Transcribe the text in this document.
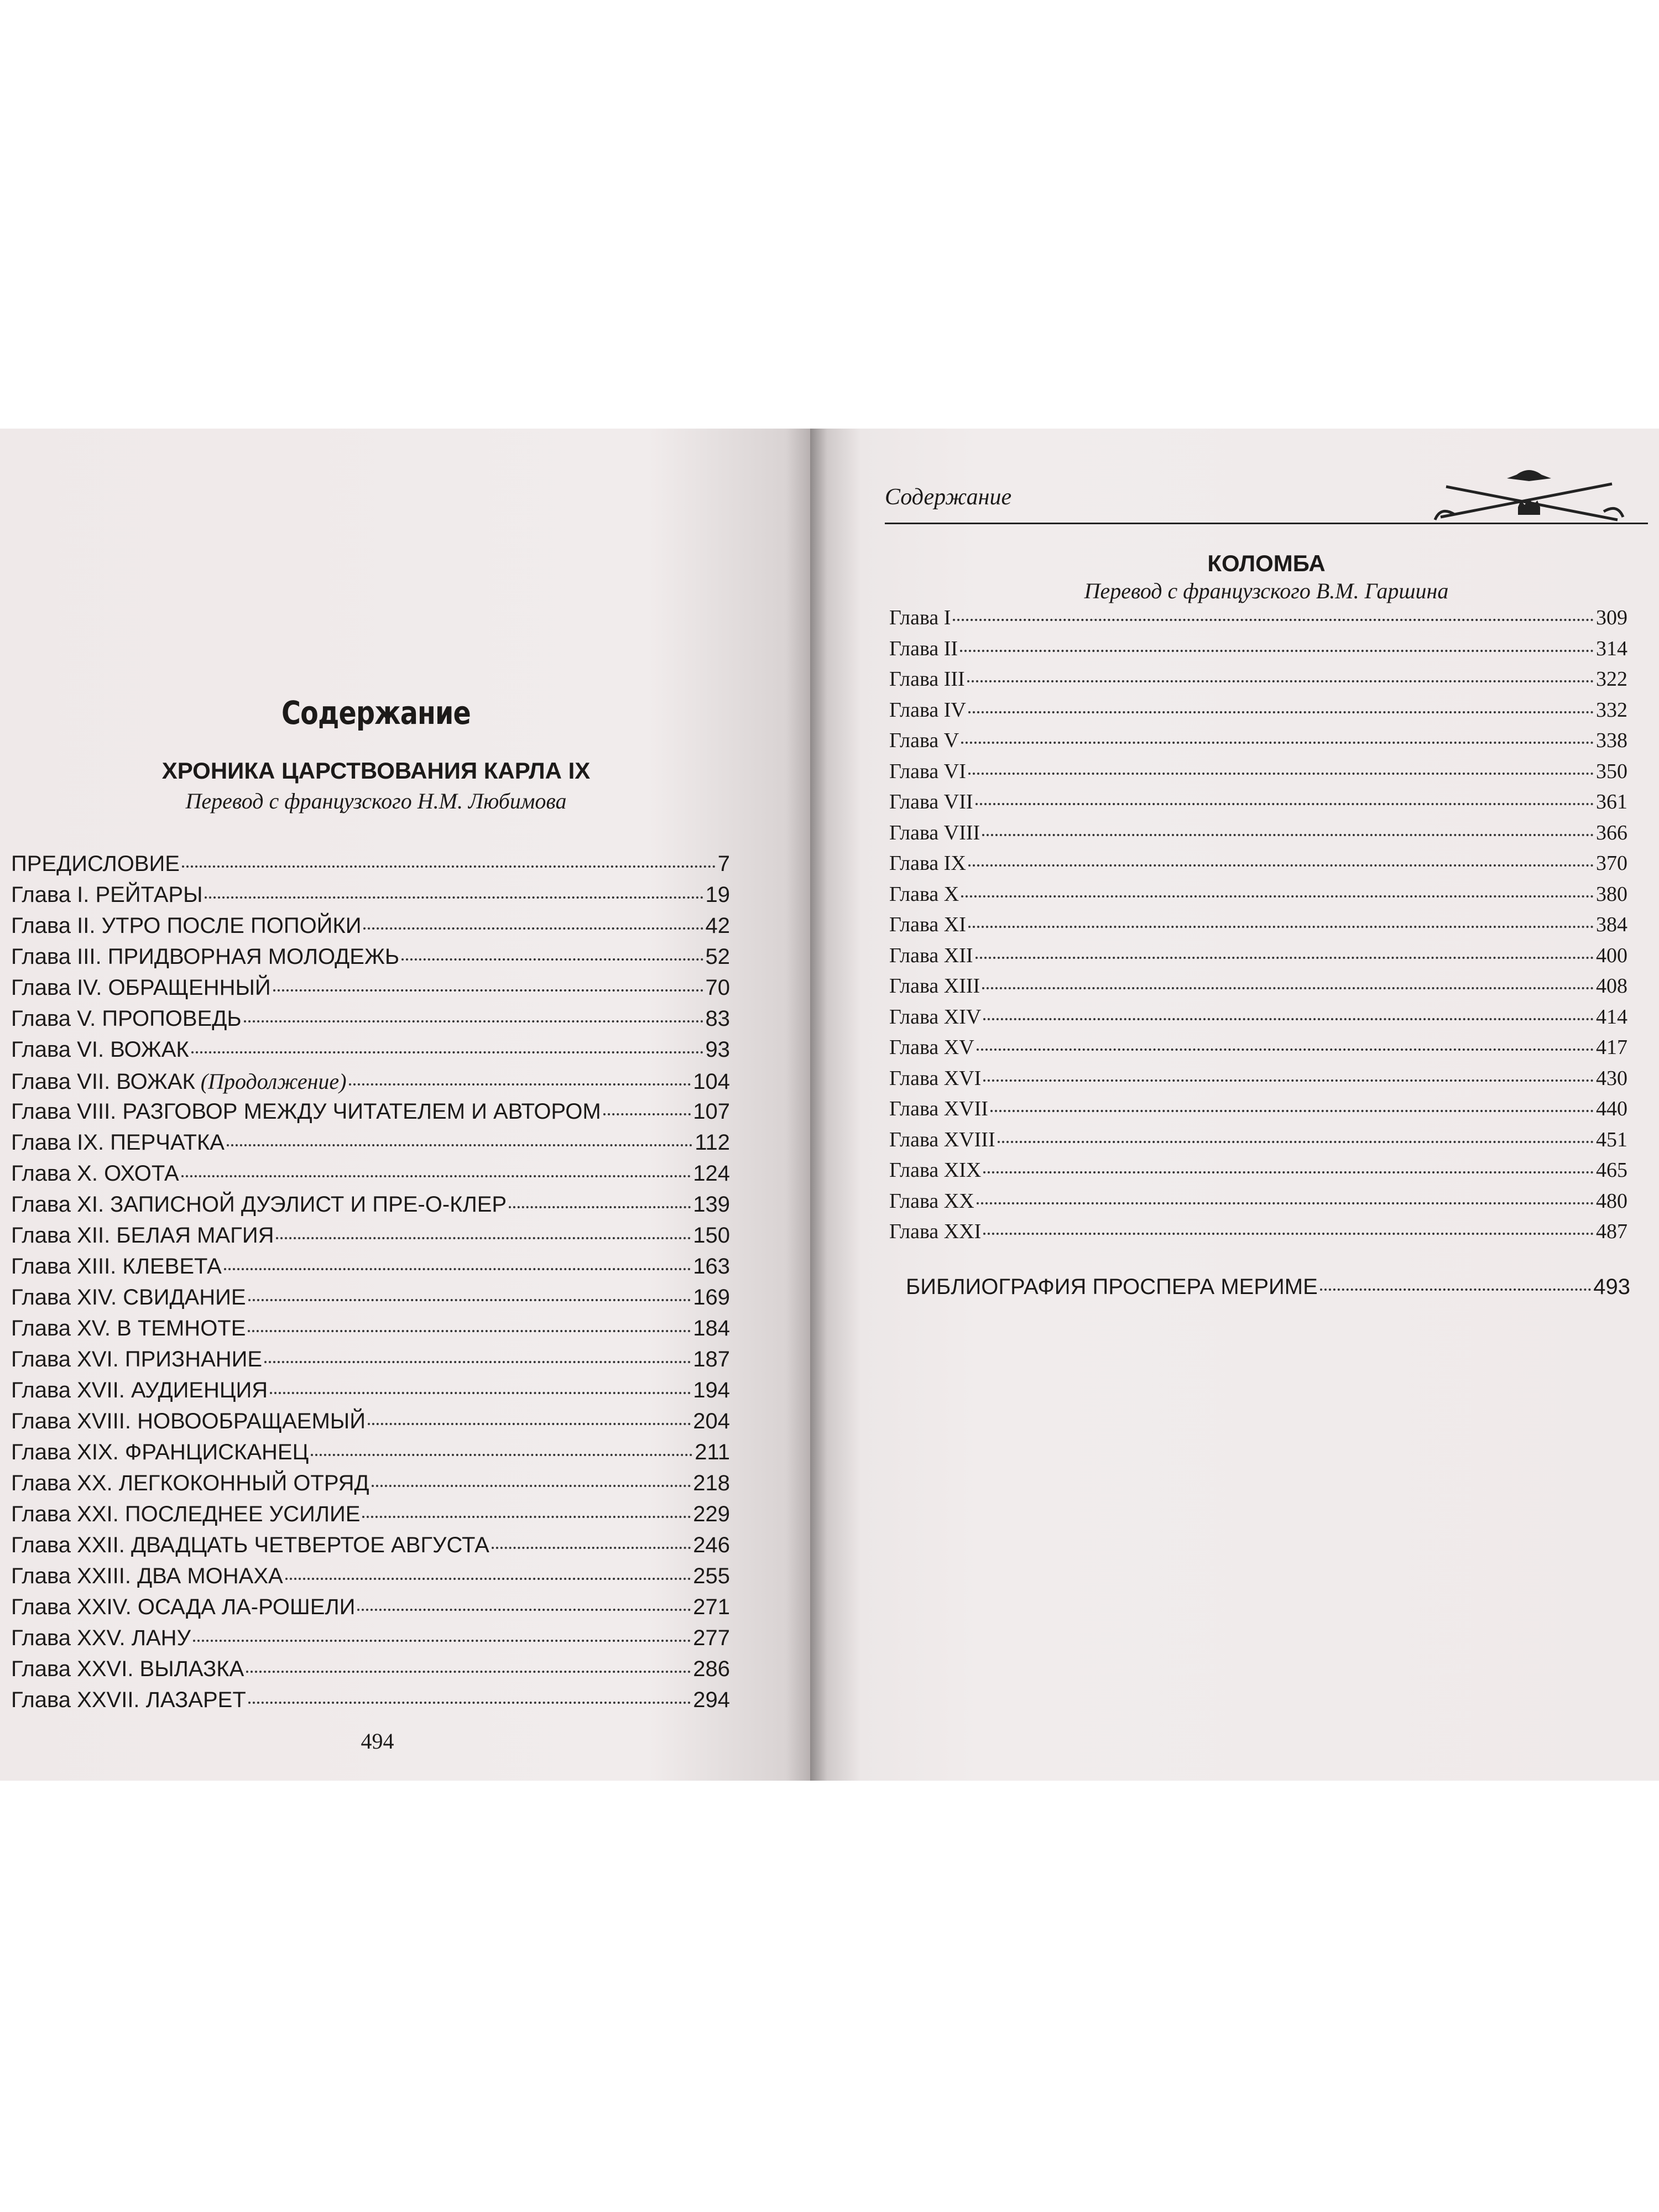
Содержание
ХРОНИКА ЦАРСТВОВАНИЯ КАРЛА IX
Перевод с французского Н.М. Любимова
ПРЕДИСЛОВИЕ	7
Глава I. РЕЙТАРЫ	19
Глава II. УТРО ПОСЛЕ ПОПОЙКИ	42
Глава III. ПРИДВОРНАЯ МОЛОДЕЖЬ	52
Глава IV. ОБРАЩЕННЫЙ	70
Глава V. ПРОПОВЕДЬ	83
Глава VI. ВОЖАК	93
Глава VII. ВОЖАК (Продолжение)	104
Глава VIII. РАЗГОВОР МЕЖДУ ЧИТАТЕЛЕМ И АВТОРОМ	107
Глава IX. ПЕРЧАТКА	112
Глава X. ОХОТА	124
Глава XI. ЗАПИСНОЙ ДУЭЛИСТ И ПРЕ-О-КЛЕР	139
Глава XII. БЕЛАЯ МАГИЯ	150
Глава XIII. КЛЕВЕТА	163
Глава XIV. СВИДАНИЕ	169
Глава XV. В ТЕМНОТЕ	184
Глава XVI. ПРИЗНАНИЕ	187
Глава XVII. АУДИЕНЦИЯ	194
Глава XVIII. НОВООБРАЩАЕМЫЙ	204
Глава XIX. ФРАНЦИСКАНЕЦ	211
Глава XX. ЛЕГКОКОННЫЙ ОТРЯД	218
Глава XXI. ПОСЛЕДНЕЕ УСИЛИЕ	229
Глава XXII. ДВАДЦАТЬ ЧЕТВЕРТОЕ АВГУСТА	246
Глава XXIII. ДВА МОНАХА	255
Глава XXIV. ОСАДА ЛА-РОШЕЛИ	271
Глава XXV. ЛАНУ	277
Глава XXVI. ВЫЛАЗКА	286
Глава XXVII. ЛАЗАРЕТ	294
494
Содержание
КОЛОМБА
Перевод с французского В.М. Гаршина
Глава I	309
Глава II	314
Глава III	322
Глава IV	332
Глава V	338
Глава VI	350
Глава VII	361
Глава VIII	366
Глава IX	370
Глава X	380
Глава XI	384
Глава XII	400
Глава XIII	408
Глава XIV	414
Глава XV	417
Глава XVI	430
Глава XVII	440
Глава XVIII	451
Глава XIX	465
Глава XX	480
Глава XXI	487
БИБЛИОГРАФИЯ ПРОСПЕРА МЕРИМЕ	493
